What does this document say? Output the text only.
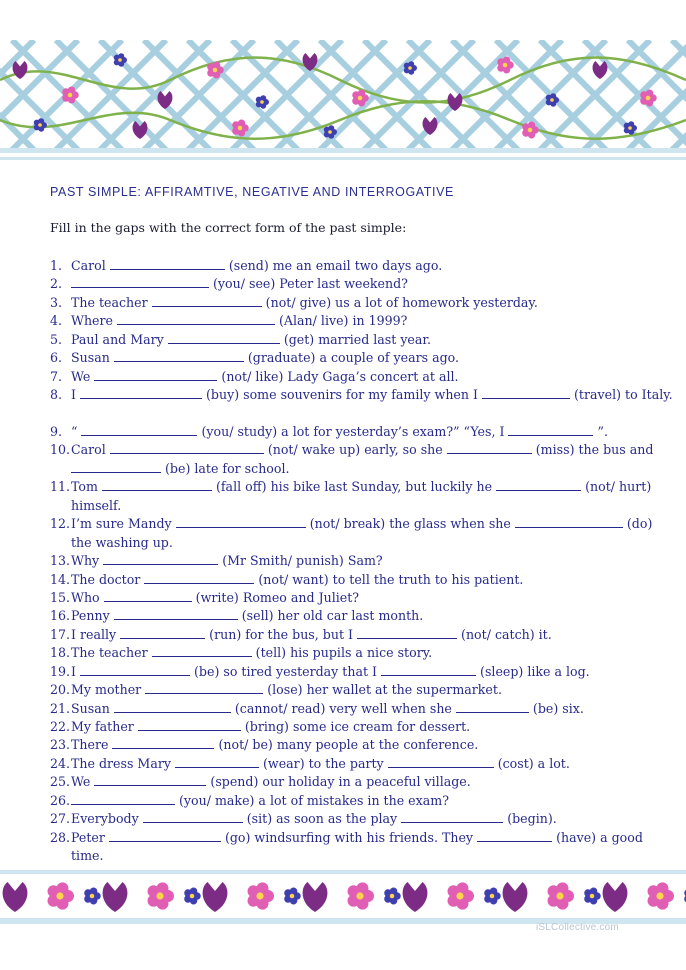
PAST SIMPLE: AFFIRAMTIVE, NEGATIVE AND INTERROGATIVE
Fill in the gaps with the correct form of the past simple:
1. Carol	(send) me an email two days ago.
2.	(you/ see) Peter last weekend?
3. The teacher	(not/ give) us a lot of homework yesterday.
4. Where	(Alan/ live) in 1999?
5. Paul and Mary	(get) married last year.
6. Susan	(graduate) a couple of years ago.
7. We	(not/ like) Lady Gaga’s concert at all.
8. I	(buy) some souvenirs for my family when I	(travel) to Italy.
9. “	(you/ study) a lot for yesterday’s exam?” “Yes, I	”.
10. Carol	(not/ wake up) early, so she	(miss) the bus and  (be) late for school.
11. Tom	(fall off) his bike last Sunday, but luckily he	(not/ hurt) himself.
12. I’m sure Mandy	(not/ break) the glass when she	(do) the washing up.
13. Why	(Mr Smith/ punish) Sam?
14. The doctor	(not/ want) to tell the truth to his patient.
15. Who	(write) Romeo and Juliet?
16. Penny	(sell) her old car last month.
17. I really	(run) for the bus, but I	(not/ catch) it.
18. The teacher	(tell) his pupils a nice story.
19. I	(be) so tired yesterday that I	(sleep) like a log.
20. My mother	(lose) her wallet at the supermarket.
21. Susan	(cannot/ read) very well when she	(be) six.
22. My father	(bring) some ice cream for dessert.
23. There	(not/ be) many people at the conference.
24. The dress Mary	(wear) to the party	(cost) a lot.
25. We	(spend) our holiday in a peaceful village.
26.	(you/ make) a lot of mistakes in the exam?
27. Everybody	(sit) as soon as the play	(begin).
28. Peter	(go) windsurfing with his friends. They	(have) a good time.
iSLCollective.com
